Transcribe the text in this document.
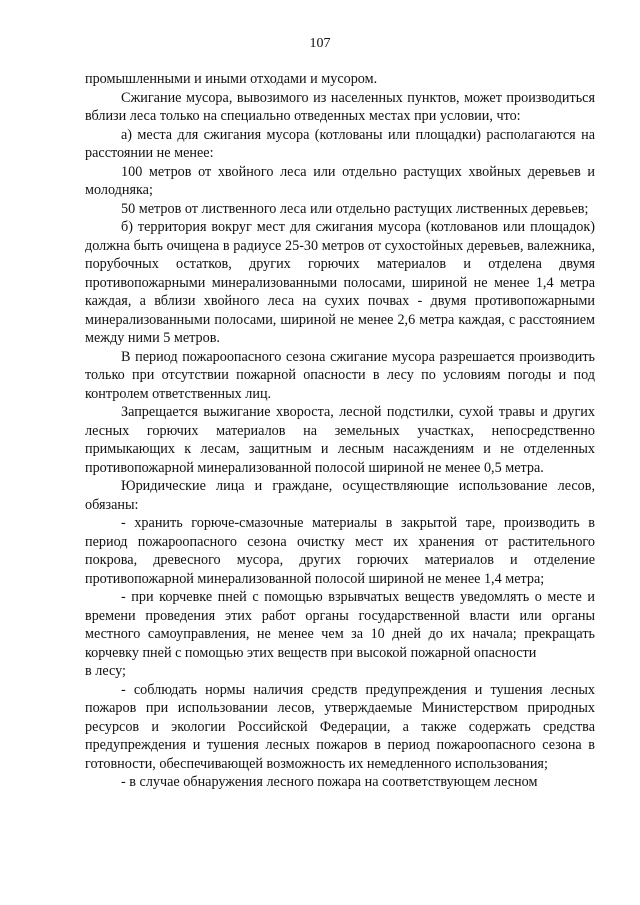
107

промышленными и иными отходами и мусором.

Сжигание мусора, вывозимого из населенных пунктов, может производиться вблизи леса только на специально отведенных местах при условии, что:

а) места для сжигания мусора (котлованы или площадки) располагаются на расстоянии не менее:

100 метров от хвойного леса или отдельно растущих хвойных деревьев и молодняка;

50 метров от лиственного леса или отдельно растущих лиственных деревьев;

б) территория вокруг мест для сжигания мусора (котлованов или площадок) должна быть очищена в радиусе 25-30 метров от сухостойных деревьев, валежника, порубочных остатков, других горючих материалов и отделена двумя противопожарными минерализованными полосами, шириной не менее 1,4 метра каждая, а вблизи хвойного леса на сухих почвах - двумя противопожарными минерализованными полосами, шириной не менее 2,6 метра каждая, с расстоянием между ними 5 метров.

В период пожароопасного сезона сжигание мусора разрешается производить только при отсутствии пожарной опасности в лесу по условиям погоды и под контролем ответственных лиц.

Запрещается выжигание хвороста, лесной подстилки, сухой травы и других лесных горючих материалов на земельных участках, непосредственно примыкающих к лесам, защитным и лесным насаждениям и не отделенных противопожарной минерализованной полосой шириной не менее 0,5 метра.

Юридические лица и граждане, осуществляющие использование лесов, обязаны:

- хранить горюче-смазочные материалы в закрытой таре, производить в период пожароопасного сезона очистку мест их хранения от растительного покрова, древесного мусора, других горючих материалов и отделение противопожарной минерализованной полосой шириной не менее 1,4 метра;

- при корчевке пней с помощью взрывчатых веществ уведомлять о месте и времени проведения этих работ органы государственной власти или органы местного самоуправления, не менее чем за 10 дней до их начала; прекращать корчевку пней с помощью этих веществ при высокой пожарной опасности

в лесу;

- соблюдать нормы наличия средств предупреждения и тушения лесных пожаров при использовании лесов, утверждаемые Министерством природных ресурсов и экологии Российской Федерации, а также содержать средства предупреждения и тушения лесных пожаров в период пожароопасного сезона в готовности, обеспечивающей возможность их немедленного использования;

- в случае обнаружения лесного пожара на соответствующем лесном
